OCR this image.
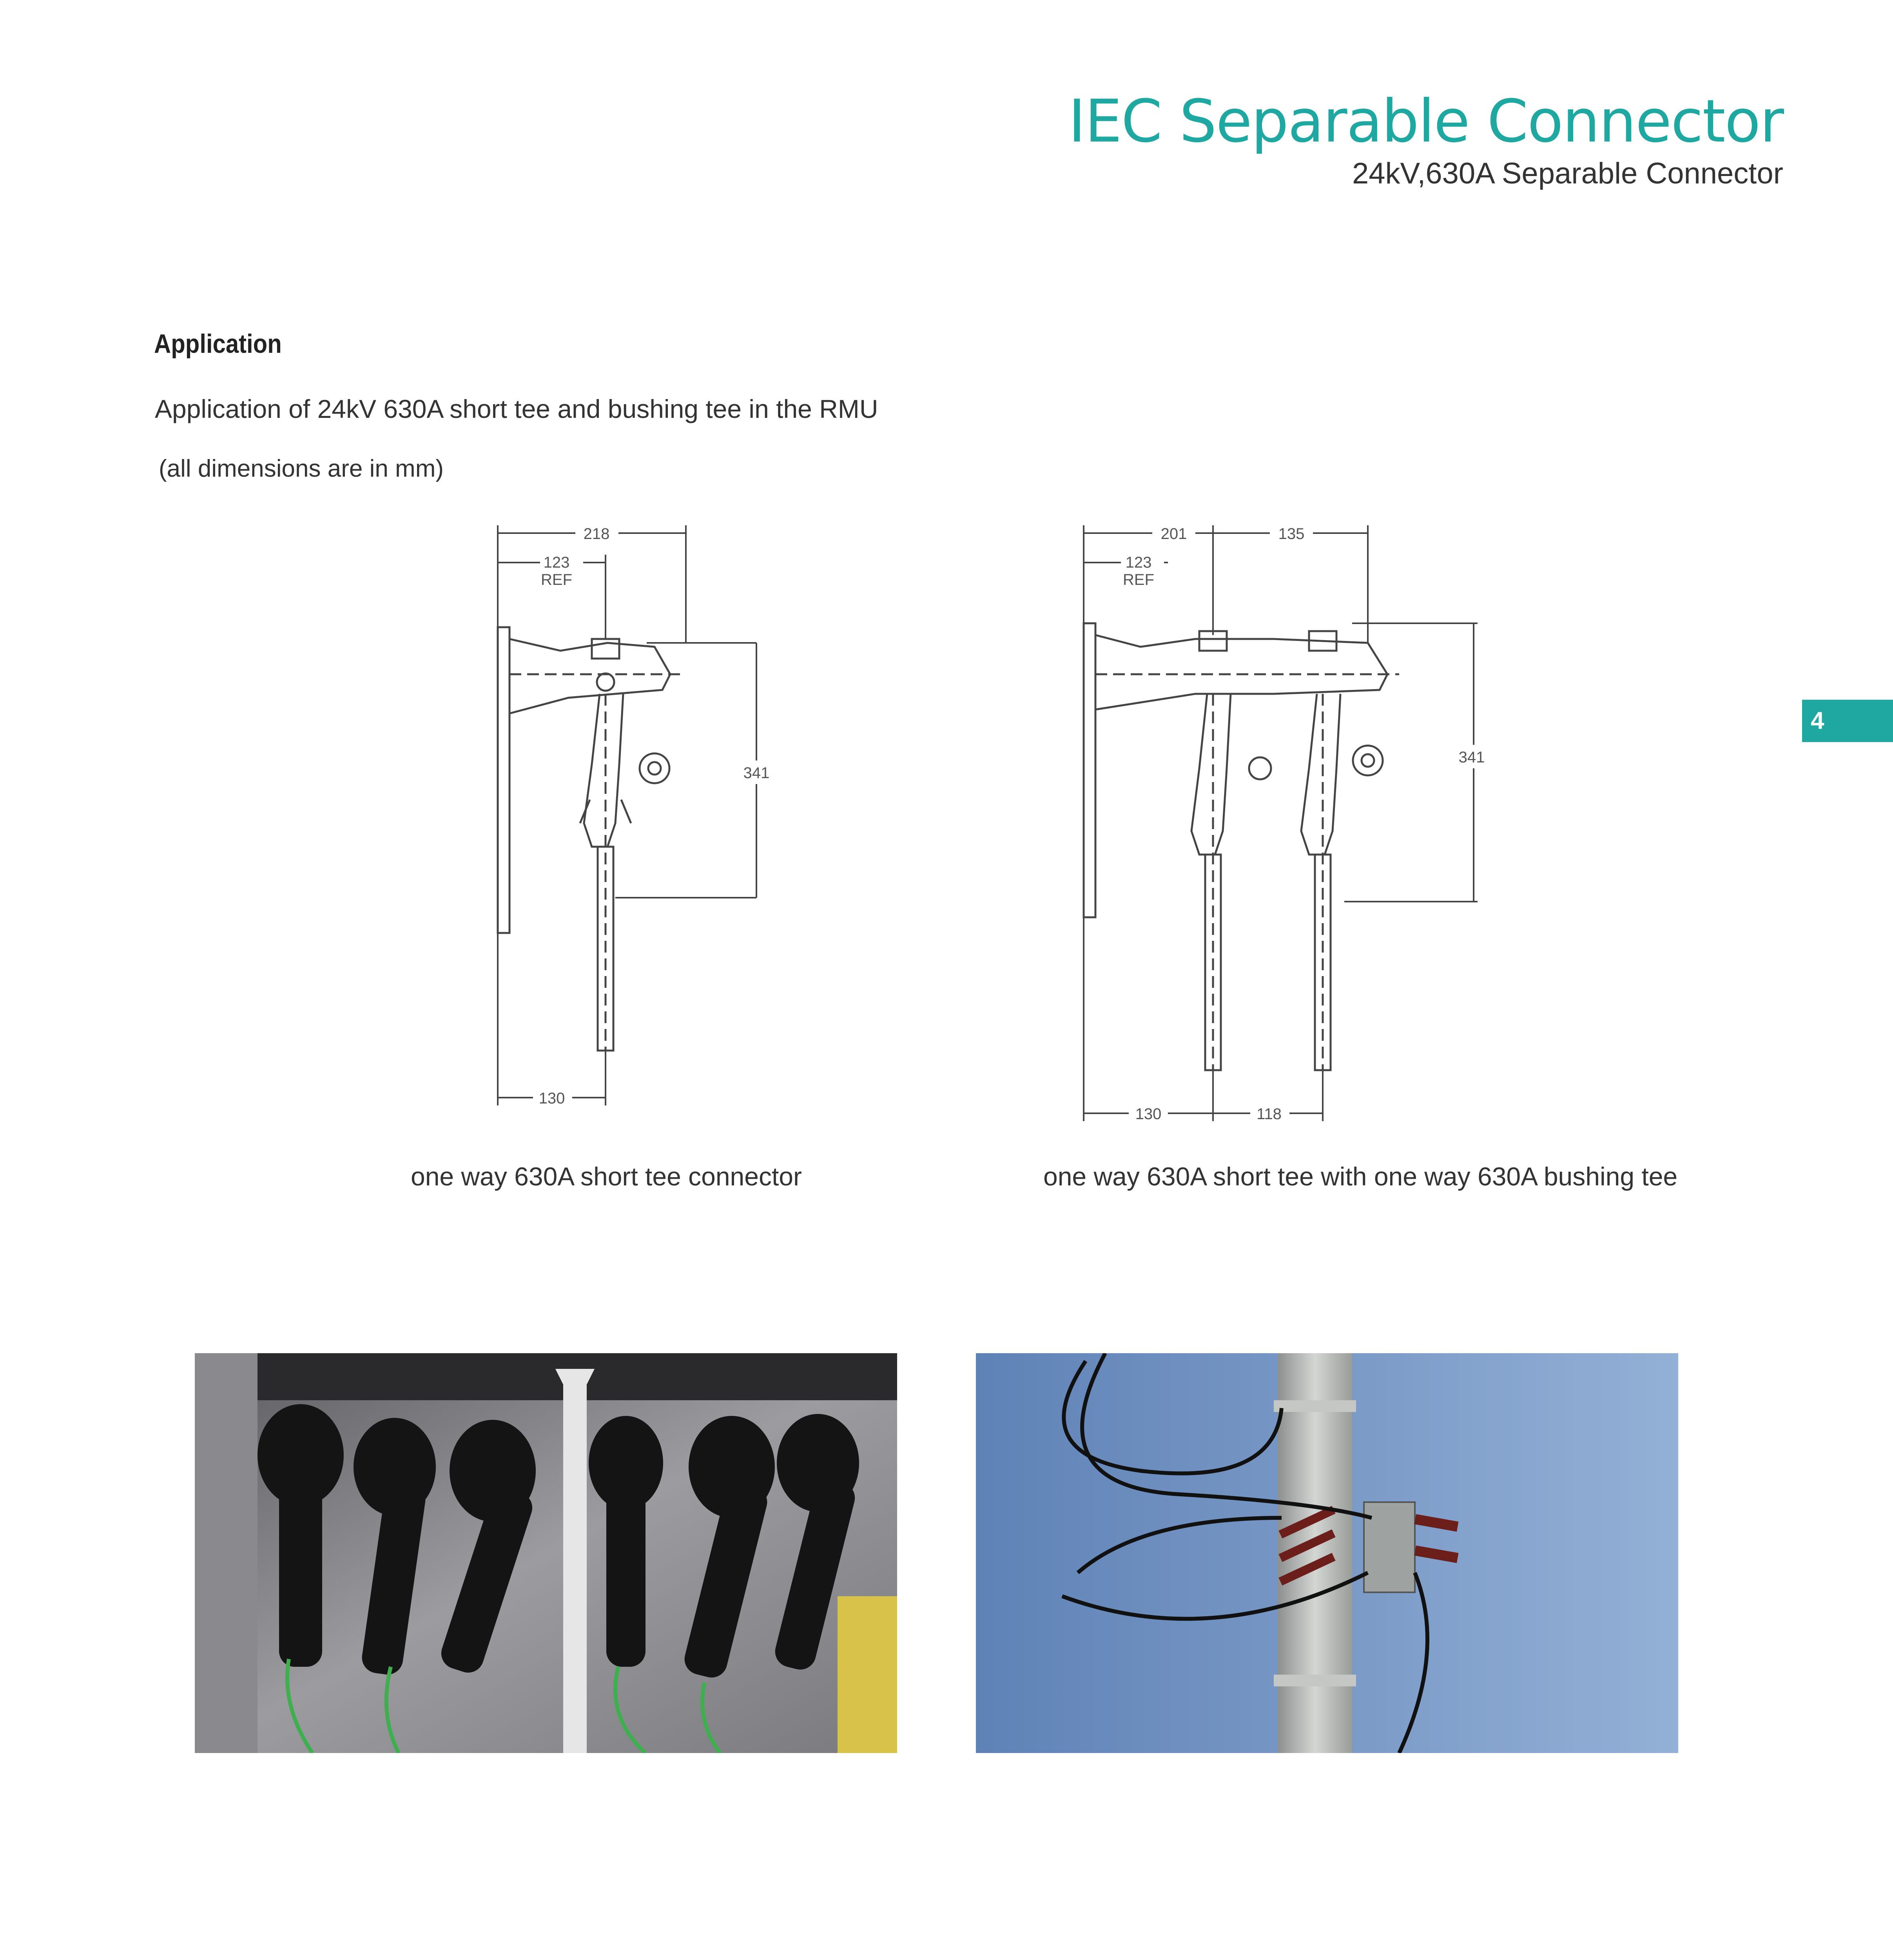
IEC Separable Connector
24kV,630A Separable Connector
Application
Application of 24kV 630A short tee and bushing tee in the RMU
(all dimensions are in mm)
4
218
123
REF
341
130
one way 630A short tee connector
201	135
123
REF
341
130	118
one way 630A short tee with one way 630A bushing tee
